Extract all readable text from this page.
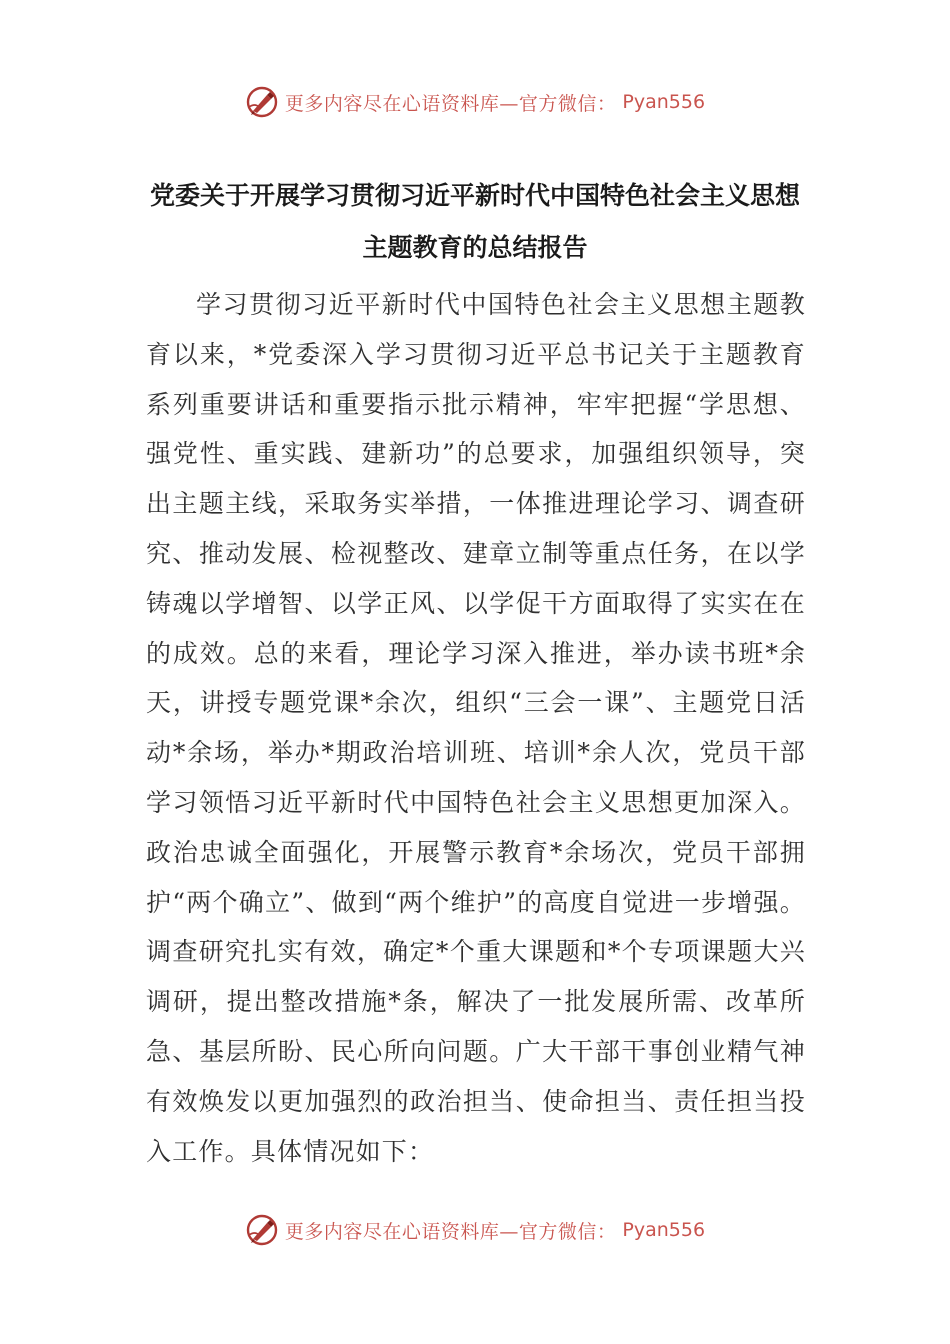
更多内容尽在心语资料库—官方微信： Pyan556
党委关于开展学习贯彻习近平新时代中国特色社会主义思想主题教育的总结报告

学习贯彻习近平新时代中国特色社会主义思想主题教育以来，*党委深入学习贯彻习近平总书记关于主题教育系列重要讲话和重要指示批示精神，牢牢把握“学思想、强党性、重实践、建新功”的总要求，加强组织领导，突出主题主线，采取务实举措，一体推进理论学习、调查研究、推动发展、检视整改、建章立制等重点任务，在以学铸魂以学增智、以学正风、以学促干方面取得了实实在在的成效。总的来看，理论学习深入推进，举办读书班*余天，讲授专题党课*余次，组织“三会一课”、主题党日活动*余场，举办*期政治培训班、培训*余人次，党员干部学习领悟习近平新时代中国特色社会主义思想更加深入。政治忠诚全面强化，开展警示教育*余场次，党员干部拥护“两个确立”、做到“两个维护”的高度自觉进一步增强。调查研究扎实有效，确定*个重大课题和*个专项课题大兴调研，提出整改措施*条，解决了一批发展所需、改革所急、基层所盼、民心所向问题。广大干部干事创业精气神有效焕发以更加强烈的政治担当、使命担当、责任担当投入工作。具体情况如下：

更多内容尽在心语资料库—官方微信： Pyan556
